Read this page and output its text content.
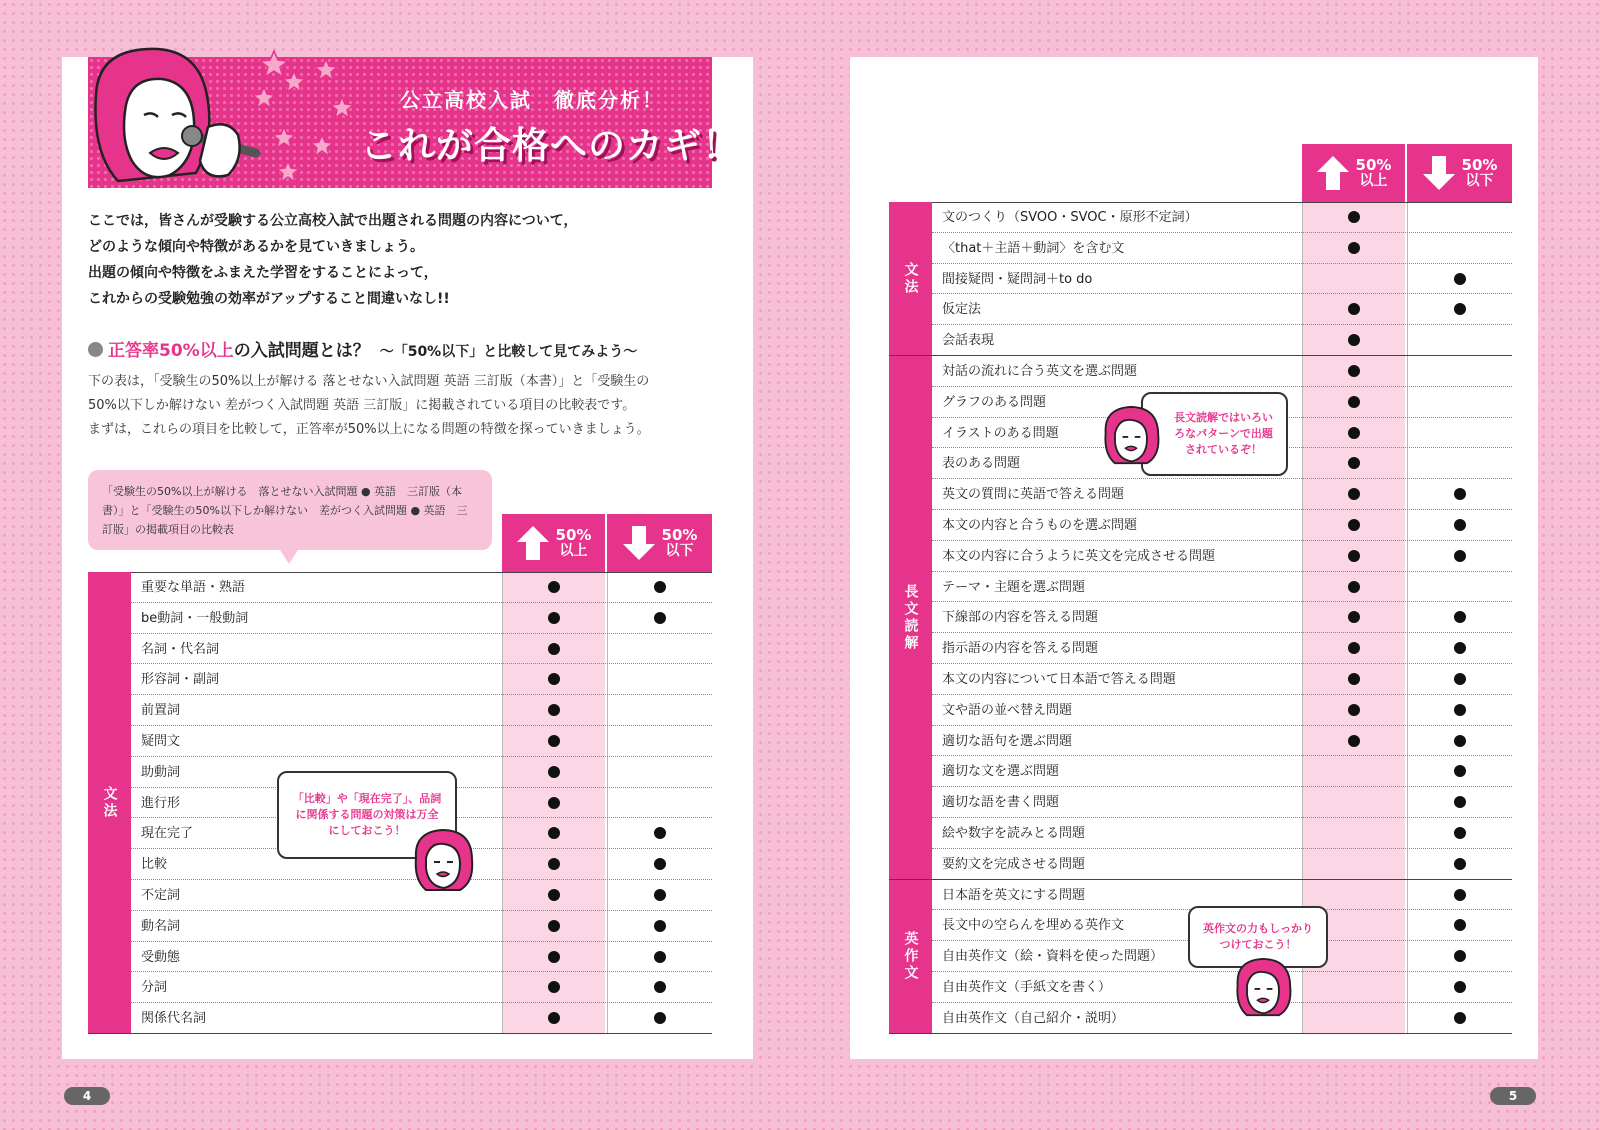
公立高校入試　徹底分析！
これが合格へのカギ！

ここでは，皆さんが受験する公立高校入試で出題される問題の内容について，

どのような傾向や特徴があるかを見ていきましょう。

出題の傾向や特徴をふまえた学習をすることによって，

これからの受験勉強の効率がアップすること間違いなし!!

正答率50%以上の入試問題とは？ ～「50%以下」と比較して見てみよう～

下の表は，「受験生の50%以上が解ける 落とせない入試問題 英語 三訂版（本書）」と「受験生の

50%以下しか解けない 差がつく入試問題 英語 三訂版」に掲載されている項目の比較表です。

まずは，これらの項目を比較して，正答率が50%以上になる問題の特徴を探っていきましょう。

「受験生の50%以上が解ける　落とせない入試問題 ● 英語　三訂版（本書）」と「受験生の50%以下しか解けない　差がつく入試問題 ● 英語　三訂版」の掲載項目の比較表	50%
以上
50%
以下
文法
重要な単語・熟語
be動詞・一般動詞
名詞・代名詞
形容詞・副詞
前置詞
疑問文
助動詞
進行形
現在完了
比較
不定詞
動名詞
受動態
分詞
関係代名詞
50%
以上
50%
以下
文法
文のつくり（SVOO・SVOC・原形不定詞）
〈that＋主語＋動詞〉を含む文
間接疑問・疑問詞＋to do
仮定法
会話表現
長文読解
対話の流れに合う英文を選ぶ問題
グラフのある問題
イラストのある問題
表のある問題
英文の質問に英語で答える問題
本文の内容と合うものを選ぶ問題
本文の内容に合うように英文を完成させる問題
テーマ・主題を選ぶ問題
下線部の内容を答える問題
指示語の内容を答える問題
本文の内容について日本語で答える問題
文や語の並べ替え問題
適切な語句を選ぶ問題
適切な文を選ぶ問題
適切な語を書く問題
絵や数字を読みとる問題
要約文を完成させる問題
英作文
日本語を英文にする問題
長文中の空らんを埋める英作文
自由英作文（絵・資料を使った問題）
自由英作文（手紙文を書く）
自由英作文（自己紹介・説明）
「比較」や「現在完了」、品詞に関係する問題の対策は万全にしておこう！
長文読解ではいろいろなパターンで出題されているぞ！
英作文の力もしっかりつけておこう！
4	5
